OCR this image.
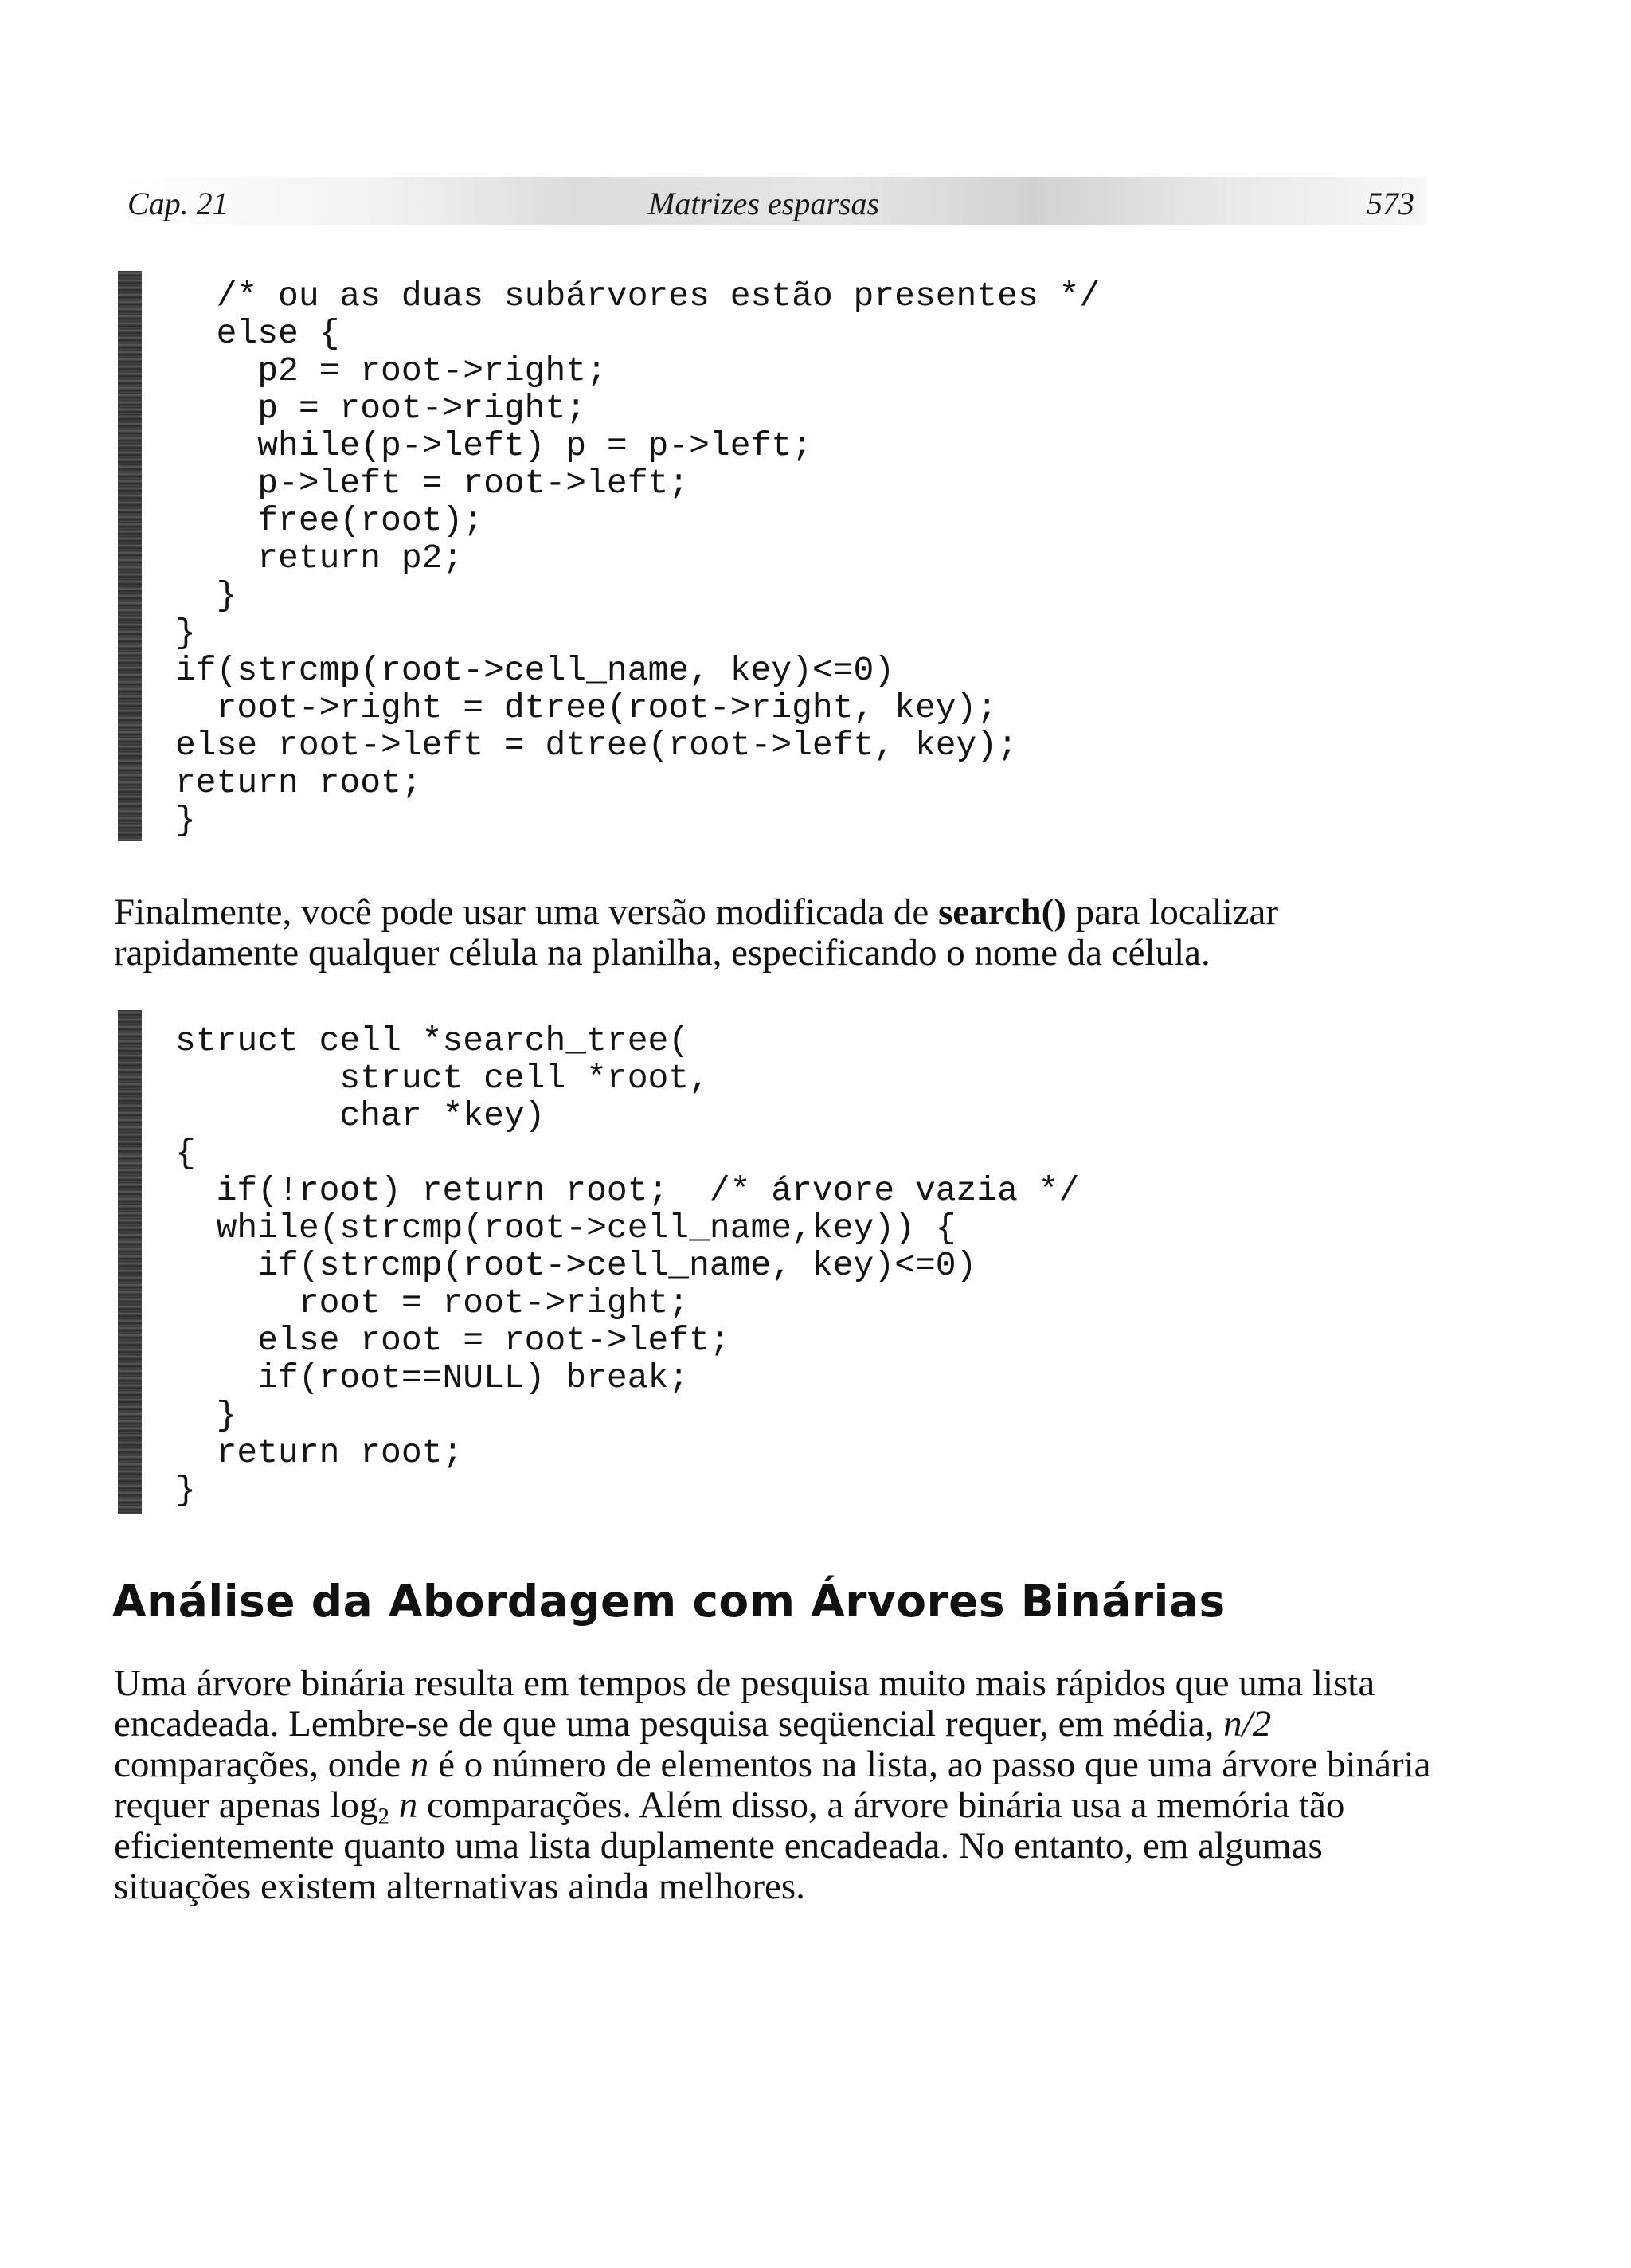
Cap. 21	Matrizes esparsas	573
/* ou as duas subárvores estão presentes */
else {
p2 = root->right;
p = root->right;
while(p->left) p = p->left;
p->left = root->left;
free(root);
return p2;
}
}
if(strcmp(root->cell_name, key)<=0)
root->right = dtree(root->right, key);
else root->left = dtree(root->left, key);
return root;
}

Finalmente, você pode usar uma versão modificada de search() para localizar rapidamente qualquer célula na planilha, especificando o nome da célula.

struct cell *search_tree(
struct cell *root,
char *key)
{
if(!root) return root;  /* árvore vazia */
while(strcmp(root->cell_name,key)) {
if(strcmp(root->cell_name, key)<=0)
root = root->right;
else root = root->left;
if(root==NULL) break;
}
return root;
}
Análise da Abordagem com Árvores Binárias

Uma árvore binária resulta em tempos de pesquisa muito mais rápidos que uma lista encadeada. Lembre-se de que uma pesquisa seqüencial requer, em média, n/2 comparações, onde n é o número de elementos na lista, ao passo que uma árvore binária requer apenas $\log_2 n$ comparações. Além disso, a árvore binária usa a memória tão eficientemente quanto uma lista duplamente encadeada. No entanto, em algumas situações existem alternativas ainda melhores.
